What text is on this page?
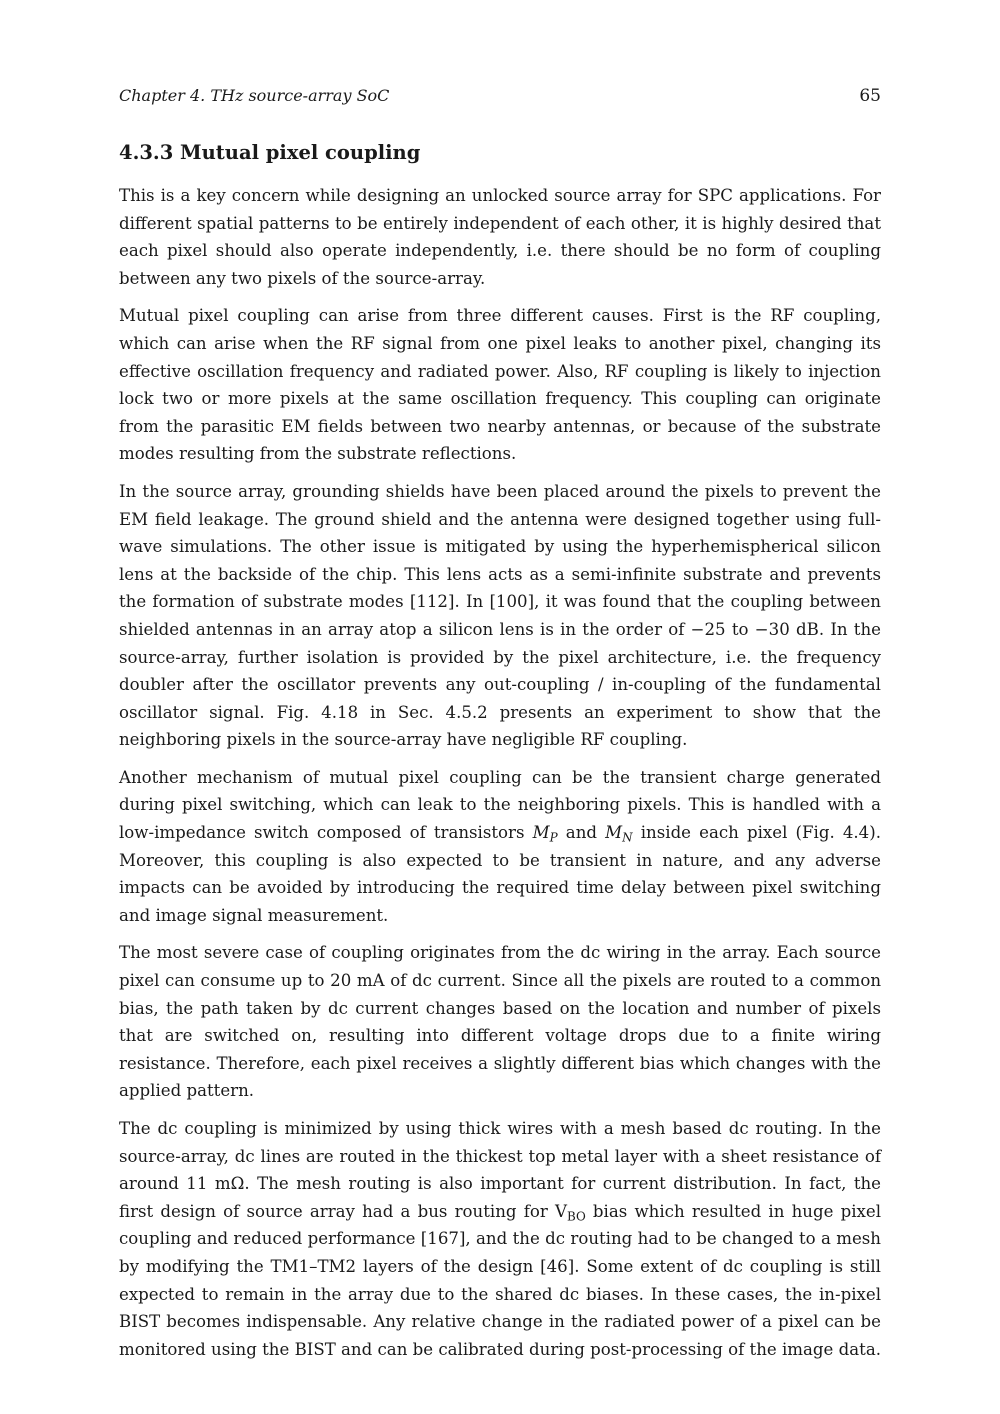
Chapter 4. THz source-array SoC	65
4.3.3 Mutual pixel coupling

This is a key concern while designing an unlocked source array for SPC applications. For different spatial patterns to be entirely independent of each other, it is highly desired that each pixel should also operate independently, i.e. there should be no form of coupling between any two pixels of the source-array.

Mutual pixel coupling can arise from three different causes. First is the RF coupling, which can arise when the RF signal from one pixel leaks to another pixel, changing its effective oscillation frequency and radiated power. Also, RF coupling is likely to injection lock two or more pixels at the same oscillation frequency. This coupling can originate from the parasitic EM fields between two nearby antennas, or because of the substrate modes resulting from the substrate reflections.

In the source array, grounding shields have been placed around the pixels to prevent the EM field leakage. The ground shield and the antenna were designed together using full-wave simulations. The other issue is mitigated by using the hyperhemispherical silicon lens at the backside of the chip. This lens acts as a semi-infinite substrate and prevents the formation of substrate modes [112]. In [100], it was found that the coupling between shielded antennas in an array atop a silicon lens is in the order of −25 to −30 dB. In the source-array, further isolation is provided by the pixel architecture, i.e. the frequency doubler after the oscillator prevents any out-coupling / in-coupling of the fundamental oscillator signal. Fig. 4.18 in Sec. 4.5.2 presents an experiment to show that the neighboring pixels in the source-array have negligible RF coupling.

Another mechanism of mutual pixel coupling can be the transient charge generated during pixel switching, which can leak to the neighboring pixels. This is handled with a low-impedance switch composed of transistors $M_P$ and $M_N$ inside each pixel (Fig. 4.4). Moreover, this coupling is also expected to be transient in nature, and any adverse impacts can be avoided by introducing the required time delay between pixel switching and image signal measurement.

The most severe case of coupling originates from the dc wiring in the array. Each source pixel can consume up to 20 mA of dc current. Since all the pixels are routed to a common bias, the path taken by dc current changes based on the location and number of pixels that are switched on, resulting into different voltage drops due to a finite wiring resistance. Therefore, each pixel receives a slightly different bias which changes with the applied pattern.

The dc coupling is minimized by using thick wires with a mesh based dc routing. In the source-array, dc lines are routed in the thickest top metal layer with a sheet resistance of around 11 mΩ. The mesh routing is also important for current distribution. In fact, the first design of source array had a bus routing for $V_{BO}$ bias which resulted in huge pixel coupling and reduced performance [167], and the dc routing had to be changed to a mesh by modifying the TM1–TM2 layers of the design [46]. Some extent of dc coupling is still expected to remain in the array due to the shared dc biases. In these cases, the in-pixel BIST becomes indispensable. Any relative change in the radiated power of a pixel can be monitored using the BIST and can be calibrated during post-processing of the image data.
